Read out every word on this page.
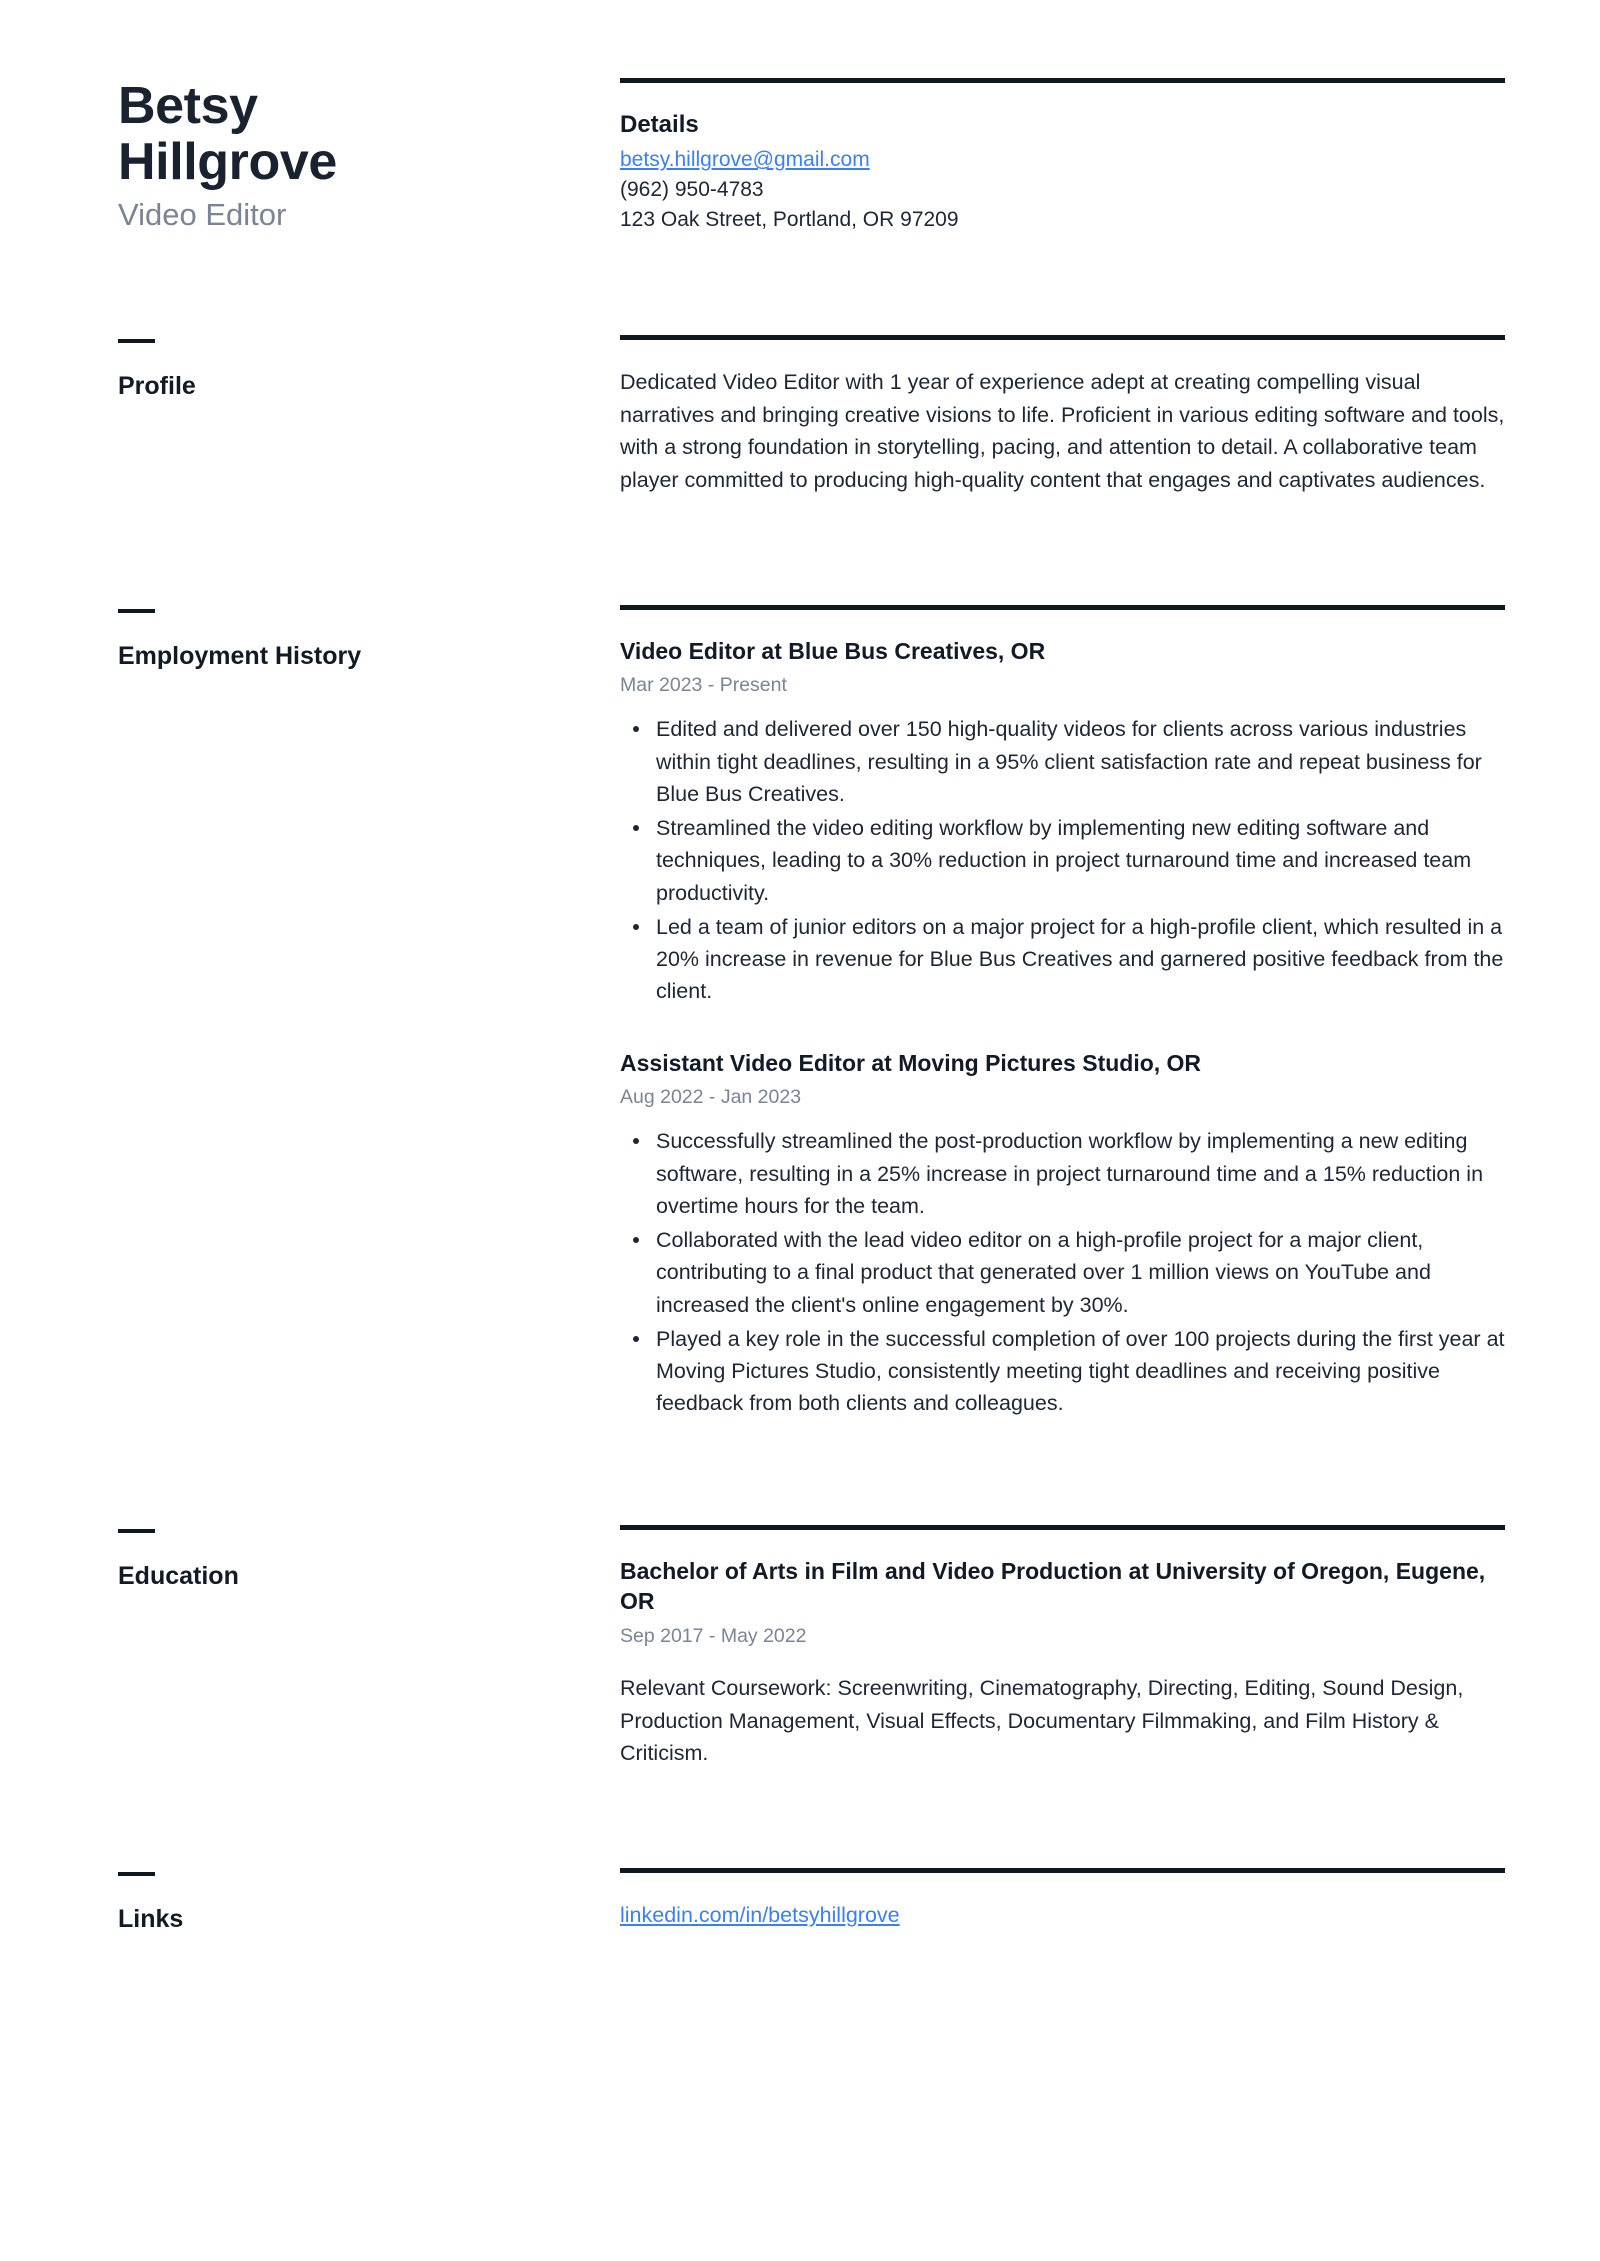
Betsy
Hillgrove
Video Editor
Details
betsy.hillgrove@gmail.com
(962) 950-4783
123 Oak Street, Portland, OR 97209
Profile	Dedicated Video Editor with 1 year of experience adept at creating compelling visual narratives and bringing creative visions to life. Proficient in various editing software and tools, with a strong foundation in storytelling, pacing, and attention to detail. A collaborative team player committed to producing high-quality content that engages and captivates audiences.

Employment History	Video Editor at Blue Bus Creatives, OR
Mar 2023 - Present
Edited and delivered over 150 high-quality videos for clients across various industries within tight deadlines, resulting in a 95% client satisfaction rate and repeat business for Blue Bus Creatives.
Streamlined the video editing workflow by implementing new editing software and techniques, leading to a 30% reduction in project turnaround time and increased team productivity.
Led a team of junior editors on a major project for a high-profile client, which resulted in a 20% increase in revenue for Blue Bus Creatives and garnered positive feedback from the client.
Assistant Video Editor at Moving Pictures Studio, OR
Aug 2022 - Jan 2023
Successfully streamlined the post-production workflow by implementing a new editing software, resulting in a 25% increase in project turnaround time and a 15% reduction in overtime hours for the team.
Collaborated with the lead video editor on a high-profile project for a major client, contributing to a final product that generated over 1 million views on YouTube and increased the client's online engagement by 30%.
Played a key role in the successful completion of over 100 projects during the first year at Moving Pictures Studio, consistently meeting tight deadlines and receiving positive feedback from both clients and colleagues.
Education	Bachelor of Arts in Film and Video Production at University of Oregon, Eugene, OR
Sep 2017 - May 2022

Relevant Coursework: Screenwriting, Cinematography, Directing, Editing, Sound Design, Production Management, Visual Effects, Documentary Filmmaking, and Film History & Criticism.

Links	linkedin.com/in/betsyhillgrove
